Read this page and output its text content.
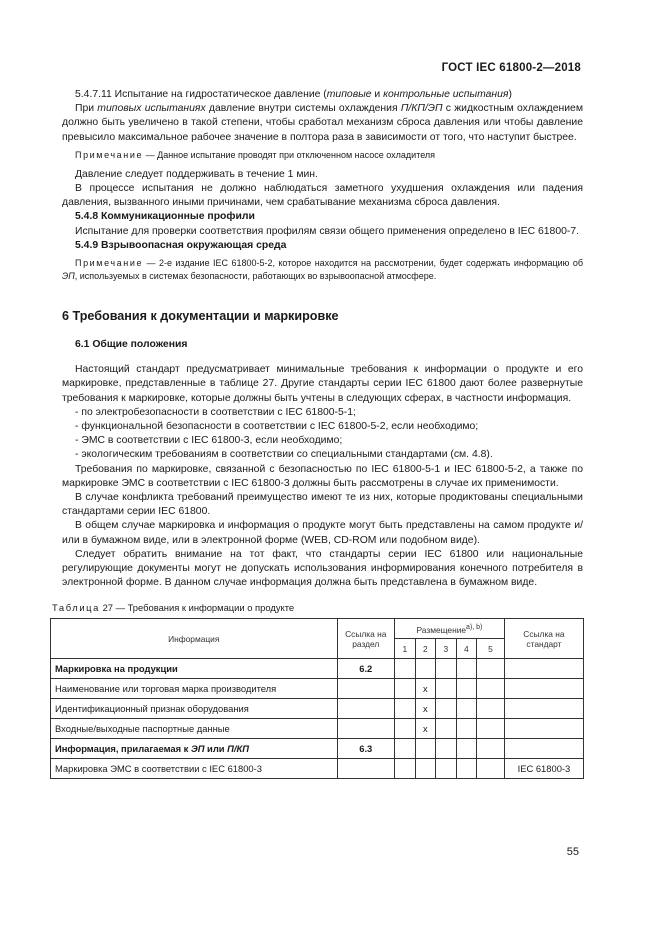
ГОСТ IEC 61800-2—2018

5.4.7.11 Испытание на гидростатическое давление (типовые и контрольные испытания)

При типовых испытаниях давление внутри системы охлаждения П/КП/ЭП с жидкостным охлаждением должно быть увеличено в такой степени, чтобы сработал механизм сброса давления или чтобы давление превысило максимальное рабочее значение в полтора раза в зависимости от того, что наступит быстрее.

Примечание — Данное испытание проводят при отключенном насосе охладителя

Давление следует поддерживать в течение 1 мин.

В процессе испытания не должно наблюдаться заметного ухудшения охлаждения или падения давления, вызванного иными причинами, чем срабатывание механизма сброса давления.

5.4.8 Коммуникационные профили

Испытание для проверки соответствия профилям связи общего применения определено в IEC 61800-7.

5.4.9 Взрывоопасная окружающая среда

Примечание — 2-е издание IEC 61800-5-2, которое находится на рассмотрении, будет содержать информацию об ЭП, используемых в системах безопасности, работающих во взрывоопасной атмосфере.

6 Требования к документации и маркировке

6.1 Общие положения

Настоящий стандарт предусматривает минимальные требования к информации о продукте и его маркировке, представленные в таблице 27. Другие стандарты серии IEC 61800 дают более развернутые требования к маркировке, которые должны быть учтены в следующих сферах, в частности информация.

- по электробезопасности в соответствии с IEC 61800-5-1;
- функциональной безопасности в соответствии с IEC 61800-5-2, если необходимо;
- ЭМС в соответствии с IEC 61800-3, если необходимо;
- экологическим требованиям в соответствии со специальными стандартами (см. 4.8).

Требования по маркировке, связанной с безопасностью по IEC 61800-5-1 и IEC 61800-5-2, а также по маркировке ЭМС в соответствии с IEC 61800-3 должны быть рассмотрены в случае их применимости.

В случае конфликта требований преимущество имеют те из них, которые продиктованы специальными стандартами серии IEC 61800.

В общем случае маркировка и информация о продукте могут быть представлены на самом продукте и/или в бумажном виде, или в электронной форме (WEB, CD-ROM или подобном виде).

Следует обратить внимание на тот факт, что стандарты серии IEC 61800 или национальные регулирующие документы могут не допускать использования информирования конечного потребителя в электронной форме. В данном случае информация должна быть представлена в бумажном виде.

Таблица 27 — Требования к информации о продукте
Информация	Ссылка на раздел	Размещение$^{a), b)}$					Ссылка на стандарт
		1	2	3	4	5	
Маркировка на продукции	6.2						
Наименование или торговая марка производителя			x				
Идентификационный признак оборудования			x				
Входные/выходные паспортные данные			x				
Информация, прилагаемая к ЭП или П/КП	6.3						
Маркировка ЭМС в соответствии с IEC 61800-3							IEC 61800-3
55
